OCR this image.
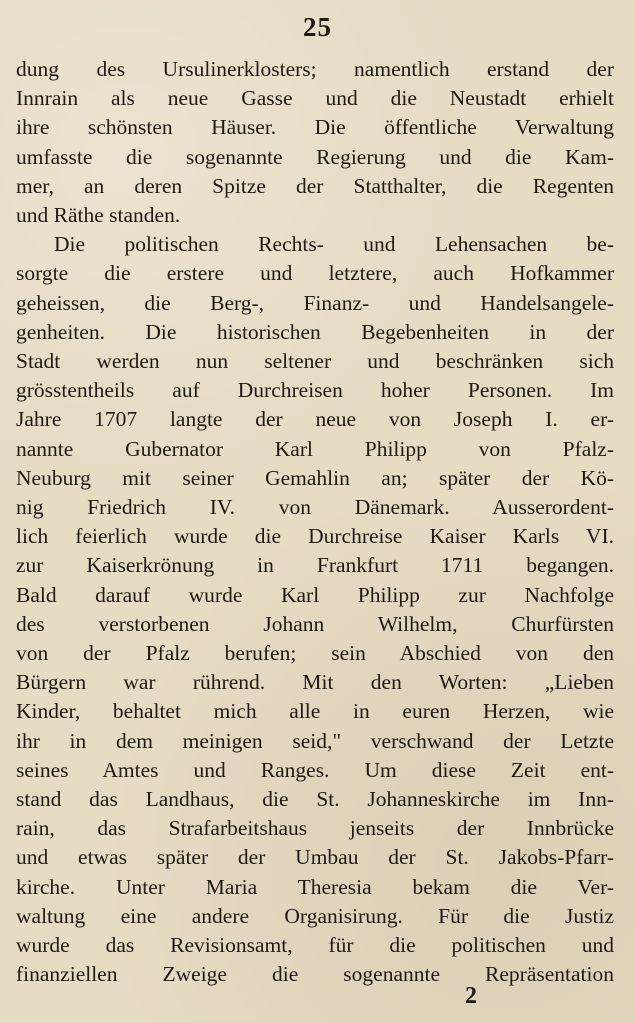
25
dung des Ursulinerklosters; namentlich erstand der
Innrain als neue Gasse und die Neustadt erhielt
ihre schönsten Häuser. Die öffentliche Verwaltung
umfasste die sogenannte Regierung und die Kam-
mer, an deren Spitze der Statthalter, die Regenten
und Räthe standen.
Die politischen Rechts- und Lehensachen be-
sorgte die erstere und letztere, auch Hofkammer
geheissen, die Berg-, Finanz- und Handelsangele-
genheiten. Die historischen Begebenheiten in der
Stadt werden nun seltener und beschränken sich
grösstentheils auf Durchreisen hoher Personen. Im
Jahre 1707 langte der neue von Joseph I. er-
nannte Gubernator Karl Philipp von Pfalz-
Neuburg mit seiner Gemahlin an; später der Kö-
nig Friedrich IV. von Dänemark. Ausserordent-
lich feierlich wurde die Durchreise Kaiser Karls VI.
zur Kaiserkrönung in Frankfurt 1711 begangen.
Bald darauf wurde Karl Philipp zur Nachfolge
des verstorbenen Johann Wilhelm, Churfürsten
von der Pfalz berufen; sein Abschied von den
Bürgern war rührend. Mit den Worten: „Lieben
Kinder, behaltet mich alle in euren Herzen, wie
ihr in dem meinigen seid," verschwand der Letzte
seines Amtes und Ranges. Um diese Zeit ent-
stand das Landhaus, die St. Johanneskirche im Inn-
rain, das Strafarbeitshaus jenseits der Innbrücke
und etwas später der Umbau der St. Jakobs-Pfarr-
kirche. Unter Maria Theresia bekam die Ver-
waltung eine andere Organisirung. Für die Justiz
wurde das Revisionsamt, für die politischen und
finanziellen Zweige die sogenannte Repräsentation
2
